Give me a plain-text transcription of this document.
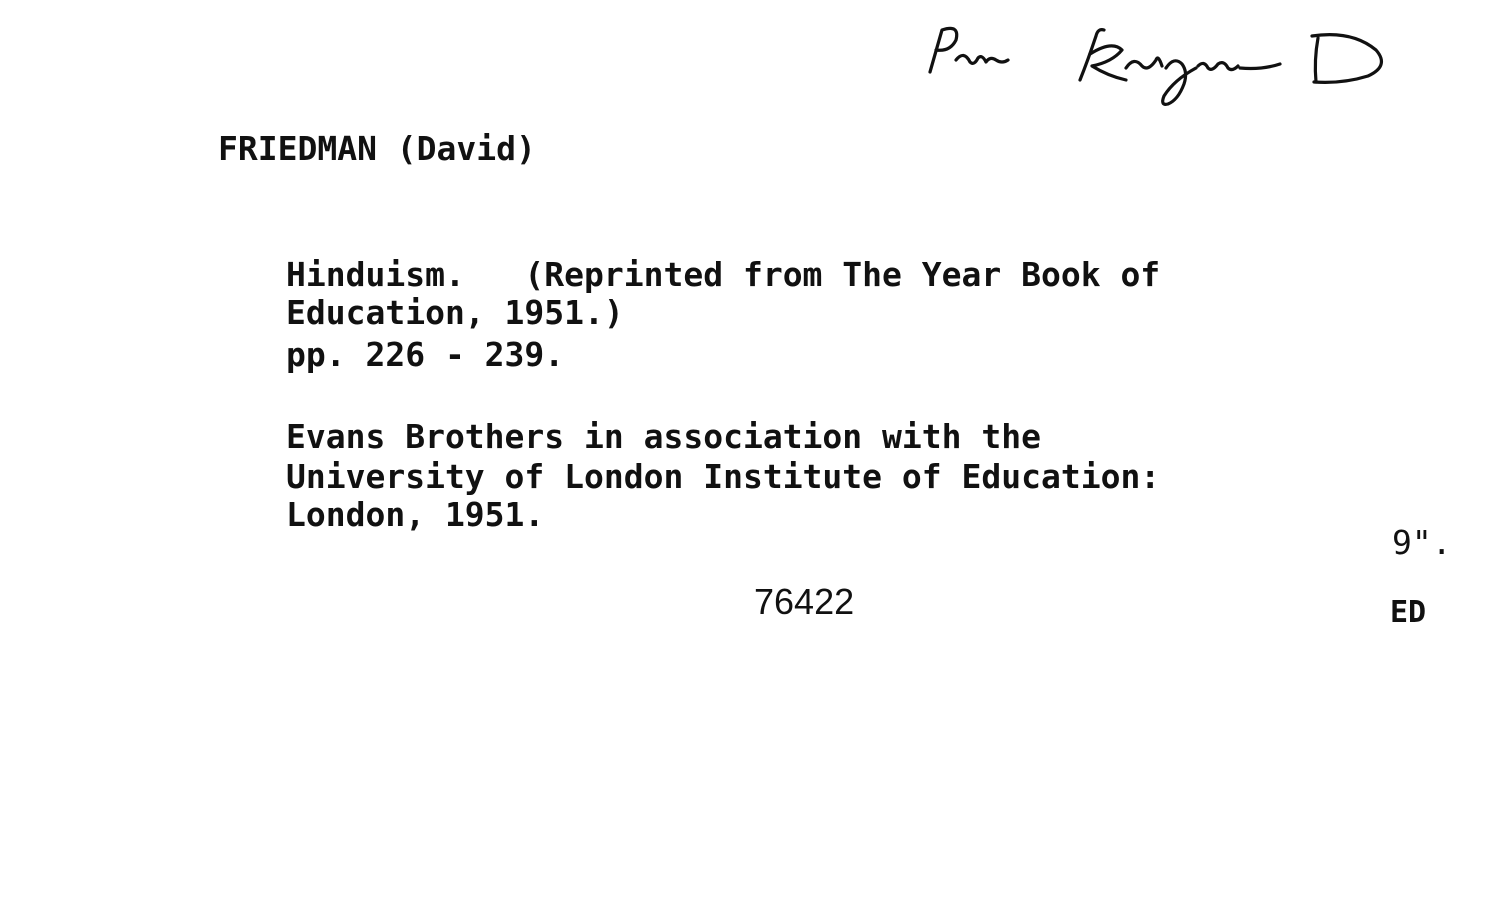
FRIEDMAN (David)
Hinduism.   (Reprinted from The Year Book of
Education, 1951.)
pp. 226 - 239.
Evans Brothers in association with the
University of London Institute of Education:
London, 1951.
9".
76422	ED
